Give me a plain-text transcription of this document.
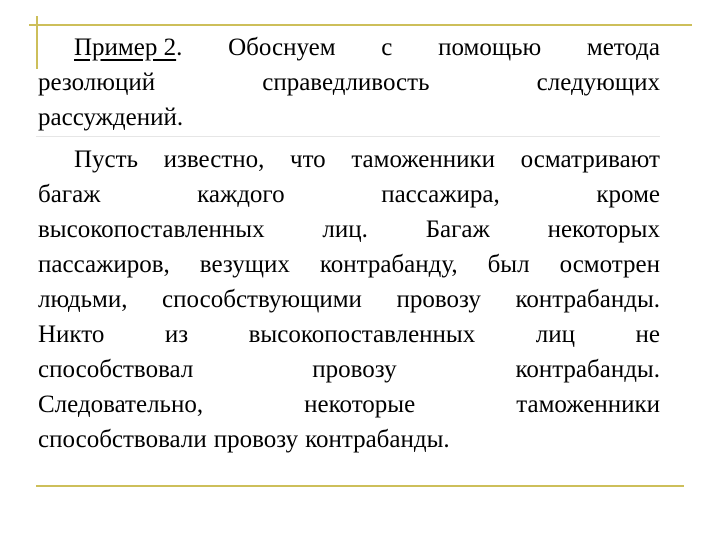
Пример 2. Обоснуем с помощью метода
резолюций	справедливость	следующих
рассуждений.
Пусть известно, что таможенники осматривают
багаж	каждого	пассажира,	кроме
высокопоставленных лиц. Багаж некоторых
пассажиров, везущих контрабанду, был осмотрен
людьми, способствующими провозу контрабанды.
Никто из высокопоставленных лиц не
способствовал	провозу	контрабанды.
Следовательно,	некоторые	таможенники
способствовали провозу контрабанды.
